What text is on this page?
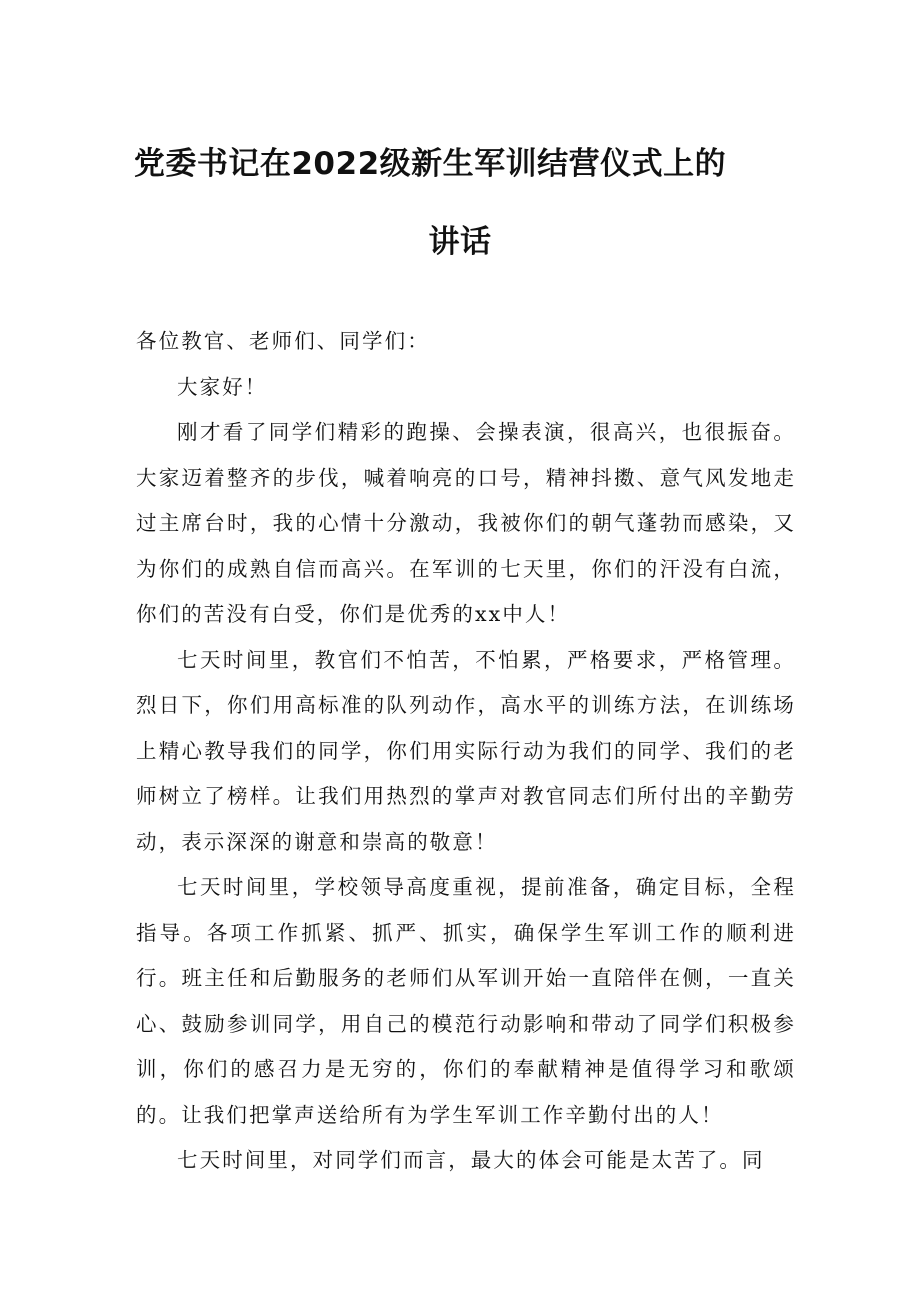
党委书记在2022级新生军训结营仪式上的
讲话

各位教官、老师们、同学们：

大家好！

刚才看了同学们精彩的跑操、会操表演，很高兴，也很振奋。大家迈着整齐的步伐，喊着响亮的口号，精神抖擞、意气风发地走过主席台时，我的心情十分激动，我被你们的朝气蓬勃而感染，又为你们的成熟自信而高兴。在军训的七天里，你们的汗没有白流，你们的苦没有白受，你们是优秀的xx中人！

七天时间里，教官们不怕苦，不怕累，严格要求，严格管理。烈日下，你们用高标准的队列动作，高水平的训练方法，在训练场上精心教导我们的同学，你们用实际行动为我们的同学、我们的老师树立了榜样。让我们用热烈的掌声对教官同志们所付出的辛勤劳动，表示深深的谢意和崇高的敬意！

七天时间里，学校领导高度重视，提前准备，确定目标，全程指导。各项工作抓紧、抓严、抓实，确保学生军训工作的顺利进行。班主任和后勤服务的老师们从军训开始一直陪伴在侧，一直关心、鼓励参训同学，用自己的模范行动影响和带动了同学们积极参训，你们的感召力是无穷的，你们的奉献精神是值得学习和歌颂的。让我们把掌声送给所有为学生军训工作辛勤付出的人！

七天时间里，对同学们而言，最大的体会可能是太苦了。同
